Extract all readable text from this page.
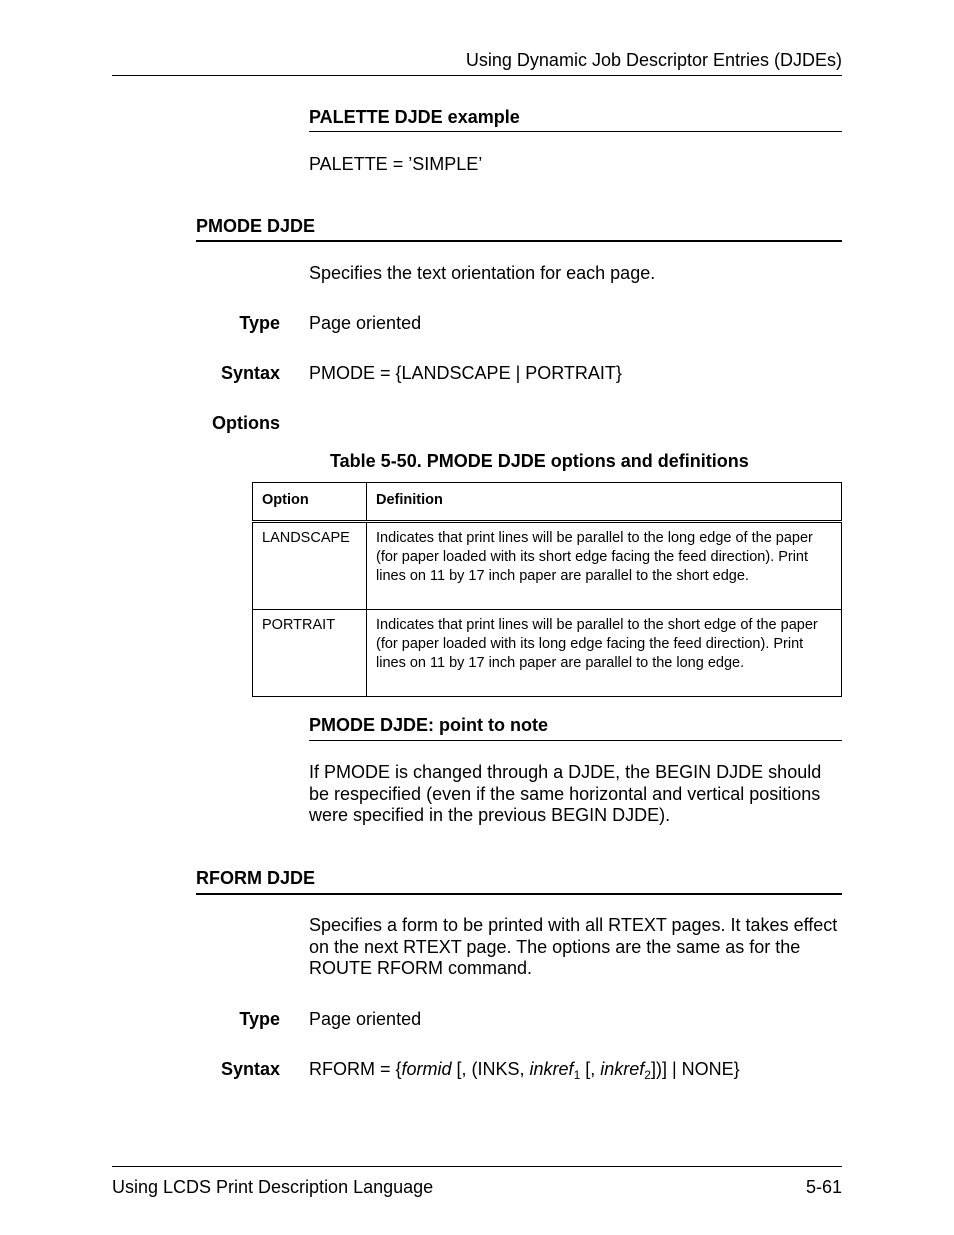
Using Dynamic Job Descriptor Entries (DJDEs)
PALETTE DJDE example
PALETTE = ’SIMPLE’
PMODE DJDE
Specifies the text orientation for each page.
Type Page oriented
Syntax PMODE = {LANDSCAPE | PORTRAIT}
Options
Table 5-50. PMODE DJDE options and definitions
Option	Definition
LANDSCAPE	Indicates that print lines will be parallel to the long edge of the paper (for paper loaded with its short edge facing the feed direction). Print lines on 11 by 17 inch paper are parallel to the short edge.
PORTRAIT	Indicates that print lines will be parallel to the short edge of the paper (for paper loaded with its long edge facing the feed direction). Print lines on 11 by 17 inch paper are parallel to the long edge.
PMODE DJDE: point to note
If PMODE is changed through a DJDE, the BEGIN DJDE should be respecified (even if the same horizontal and vertical positions were specified in the previous BEGIN DJDE).
RFORM DJDE
Specifies a form to be printed with all RTEXT pages. It takes effect on the next RTEXT page. The options are the same as for the ROUTE RFORM command.
Type Page oriented
Syntax RFORM = {formid [, (INKS, inkref$_1$ [, inkref$_2$])] | NONE}
Using LCDS Print Description Language	5-61
